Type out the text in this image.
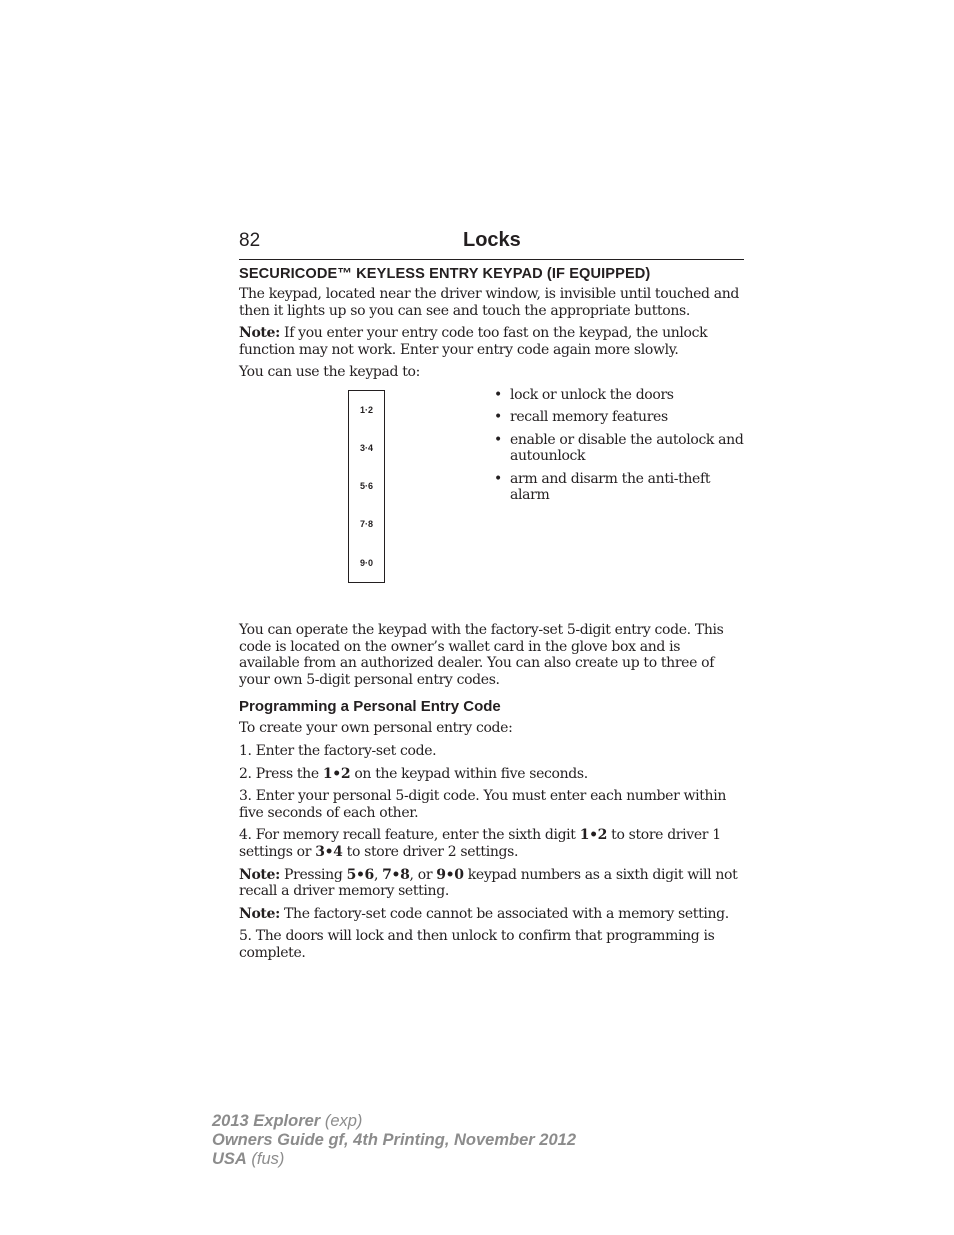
82	Locks
SECURICODE™ KEYLESS ENTRY KEYPAD (IF EQUIPPED)

The keypad, located near the driver window, is invisible until touched and then it lights up so you can see and touch the appropriate buttons.

Note: If you enter your entry code too fast on the keypad, the unlock function may not work. Enter your entry code again more slowly.

You can use the keypad to:

1·2
3·4
5·6
7·8
9·0
• lock or unlock the doors
• recall memory features
• enable or disable the autolock and autounlock
• arm and disarm the anti-theft alarm

You can operate the keypad with the factory-set 5-digit entry code. This code is located on the owner’s wallet card in the glove box and is available from an authorized dealer. You can also create up to three of your own 5-digit personal entry codes.

Programming a Personal Entry Code

To create your own personal entry code:

1. Enter the factory-set code.

2. Press the 1•2 on the keypad within five seconds.

3. Enter your personal 5-digit code. You must enter each number within five seconds of each other.

4. For memory recall feature, enter the sixth digit 1•2 to store driver 1 settings or 3•4 to store driver 2 settings.

Note: Pressing 5•6, 7•8, or 9•0 keypad numbers as a sixth digit will not recall a driver memory setting.

Note: The factory-set code cannot be associated with a memory setting.

5. The doors will lock and then unlock to confirm that programming is complete.

2013 Explorer (exp)
Owners Guide gf, 4th Printing, November 2012
USA (fus)
